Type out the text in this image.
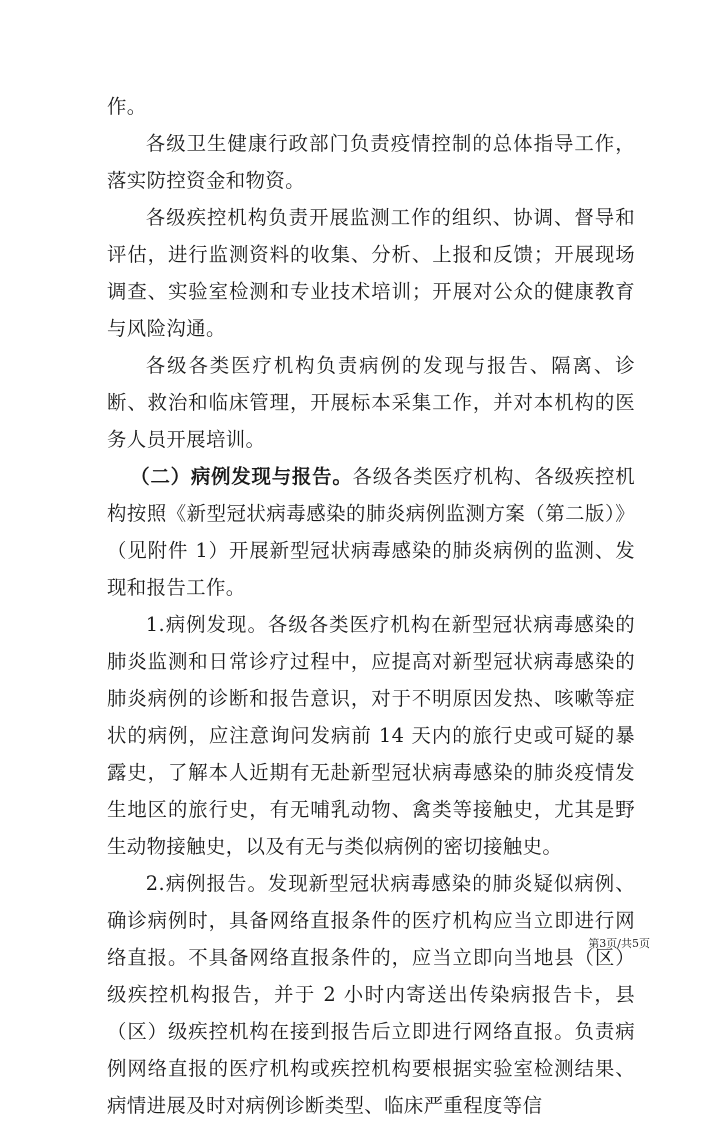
作。

各级卫生健康行政部门负责疫情控制的总体指导工作，落实防控资金和物资。

各级疾控机构负责开展监测工作的组织、协调、督导和评估，进行监测资料的收集、分析、上报和反馈；开展现场调查、实验室检测和专业技术培训；开展对公众的健康教育与风险沟通。

各级各类医疗机构负责病例的发现与报告、隔离、诊断、救治和临床管理，开展标本采集工作，并对本机构的医务人员开展培训。

（二）病例发现与报告。各级各类医疗机构、各级疾控机构按照《新型冠状病毒感染的肺炎病例监测方案（第二版）》（见附件 1）开展新型冠状病毒感染的肺炎病例的监测、发现和报告工作。

1.病例发现。各级各类医疗机构在新型冠状病毒感染的肺炎监测和日常诊疗过程中，应提高对新型冠状病毒感染的肺炎病例的诊断和报告意识，对于不明原因发热、咳嗽等症状的病例，应注意询问发病前 14 天内的旅行史或可疑的暴露史，了解本人近期有无赴新型冠状病毒感染的肺炎疫情发生地区的旅行史，有无哺乳动物、禽类等接触史，尤其是野生动物接触史，以及有无与类似病例的密切接触史。

2.病例报告。发现新型冠状病毒感染的肺炎疑似病例、确诊病例时，具备网络直报条件的医疗机构应当立即进行网络直报。不具备网络直报条件的，应当立即向当地县（区）级疾控机构报告，并于 2 小时内寄送出传染病报告卡，县（区）级疾控机构在接到报告后立即进行网络直报。负责病例网络直报的医疗机构或疾控机构要根据实验室检测结果、病情进展及时对病例诊断类型、临床严重程度等信

第3页/共5页
